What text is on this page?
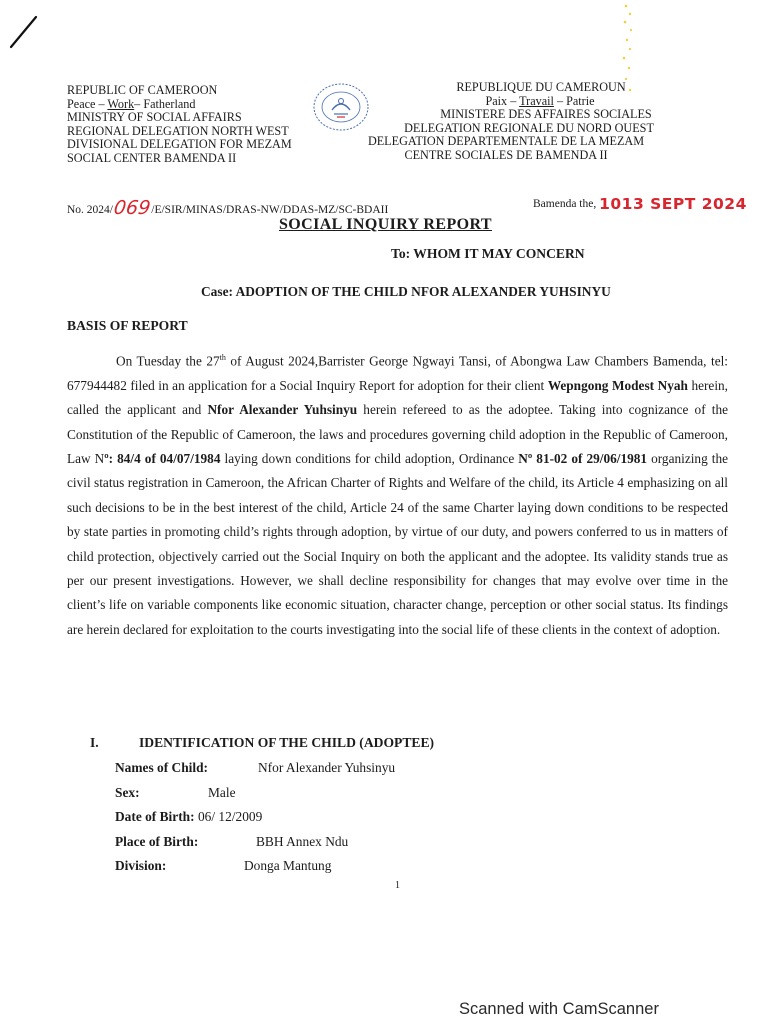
REPUBLIC OF CAMEROON
Peace – Work– Fatherland
MINISTRY OF SOCIAL AFFAIRS
REGIONAL DELEGATION NORTH WEST
DIVISIONAL DELEGATION FOR MEZAM
SOCIAL CENTER BAMENDA II
REPUBLIQUE DU CAMEROUN
Paix – Travail – Patrie
MINISTERE DES AFFAIRES SOCIALES
DELEGATION REGIONALE DU NORD OUEST
DELEGATION DEPARTEMENTALE DE LA MEZAM
CENTRE SOCIALES DE BAMENDA II
No. 2024/069/E/SIR/MINAS/DRAS-NW/DDAS-MZ/SC-BDAII	Bamenda the, 1013 SEPT 2024
SOCIAL INQUIRY REPORT
To: WHOM IT MAY CONCERN
Case: ADOPTION OF THE CHILD NFOR ALEXANDER YUHSINYU
BASIS OF REPORT
On Tuesday the 27th of August 2024,Barrister George Ngwayi Tansi, of Abongwa Law Chambers Bamenda, tel: 677944482 filed in an application for a Social Inquiry Report for adoption for their client Wepngong Modest Nyah herein, called the applicant and Nfor Alexander Yuhsinyu herein refereed to as the adoptee. Taking into cognizance of the Constitution of the Republic of Cameroon, the laws and procedures governing child adoption in the Republic of Cameroon, Law Nº: 84/4 of 04/07/1984 laying down conditions for child adoption, Ordinance Nº 81-02 of 29/06/1981 organizing the civil status registration in Cameroon, the African Charter of Rights and Welfare of the child, its Article 4 emphasizing on all such decisions to be in the best interest of the child, Article 24 of the same Charter laying down conditions to be respected by state parties in promoting child’s rights through adoption, by virtue of our duty, and powers conferred to us in matters of child protection, objectively carried out the Social Inquiry on both the applicant and the adoptee. Its validity stands true as per our present investigations. However, we shall decline responsibility for changes that may evolve over time in the client’s life on variable components like economic situation, character change, perception or other social status. Its findings are herein declared for exploitation to the courts investigating into the social life of these clients in the context of adoption.
I.	IDENTIFICATION OF THE CHILD (ADOPTEE)
Names of Child:	Nfor Alexander Yuhsinyu
Sex:	Male
Date of Birth: 06/ 12/2009
Place of Birth:	BBH Annex Ndu
Division:	Donga Mantung
1
Scanned with CamScanner
